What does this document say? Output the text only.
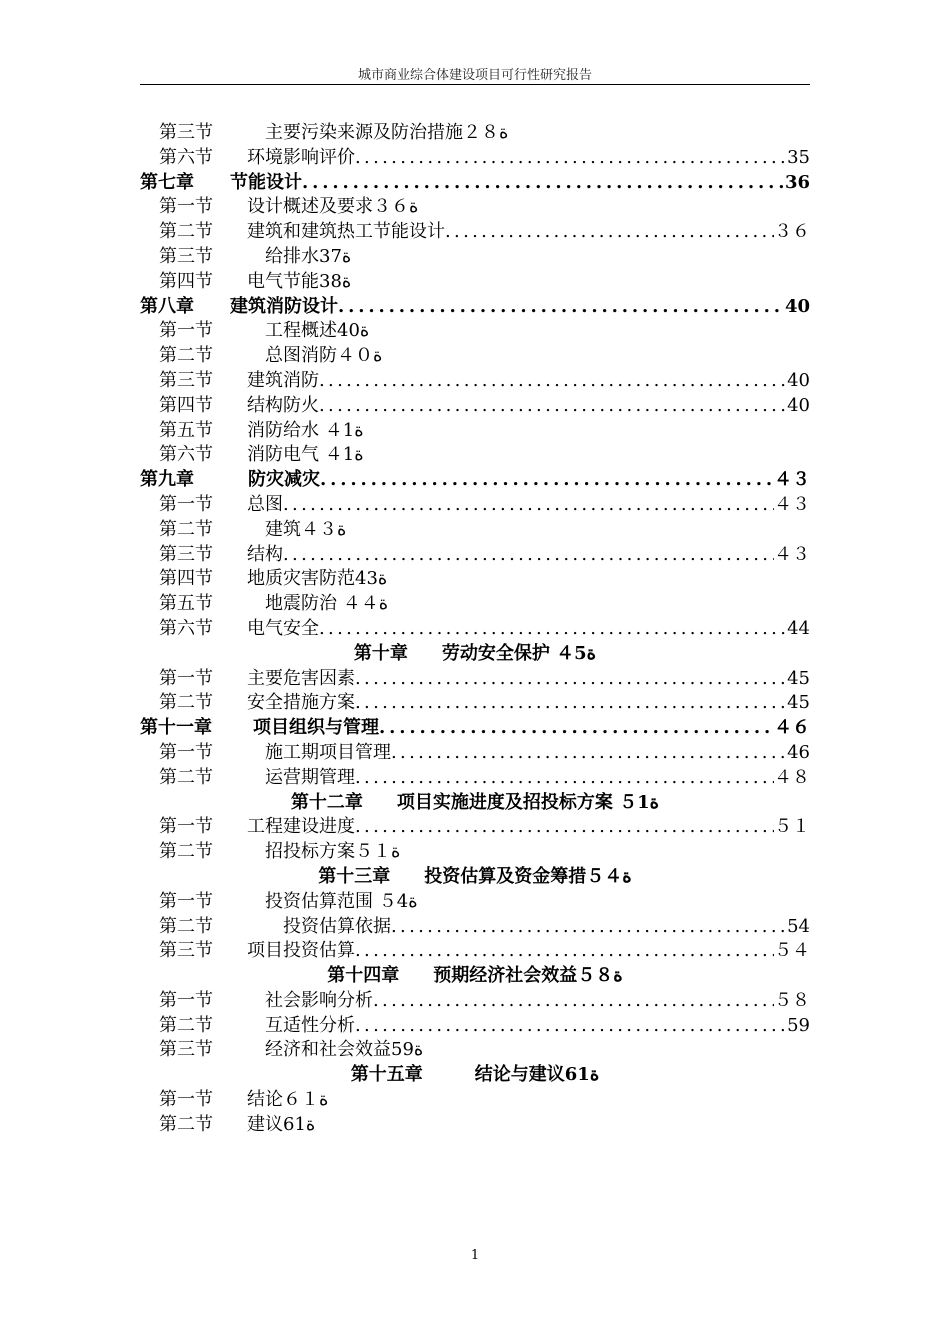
城市商业综合体建设项目可行性研究报告
第三节	　主要污染来源及防治措施２８ة
第六节	环境影响评价 . . .	35
第七章	节能设计 . . .	36
第一节	设计概述及要求３６ة
第二节	建筑和建筑热工节能设计 . . .	３６
第三节	　给排水37ة
第四节	电气节能38ة
第八章	建筑消防设计 . . .	40
第一节	　工程概述40ة
第二节	　总图消防４０ة
第三节	建筑消防 . . .	40
第四节	结构防火 . . .	40
第五节	消防给水 ４1ة
第六节	消防电气 ４1ة
第九章	　防灾减灾 . . .	４３
第一节	总图 . . .	４３
第二节	　建筑４３ة
第三节	结构 . . .	４３
第四节	地质灾害防范43ة
第五节	　地震防治 ４４ة
第六节	电气安全 . . .	44
第十章 劳动安全保护 ４5ة
第一节	主要危害因素 . . .	45
第二节	安全措施方案 . . .	45
第十一章	项目组织与管理 . . .	４６
第一节	　施工期项目管理 . . .	46
第二节	　运营期管理 . . .	４８
第十二章 项目实施进度及招投标方案 ５1ة
第一节	工程建设进度 . . .	５１
第二节	　招投标方案５１ة
第十三章 投资估算及资金筹措５４ة
第一节	　投资估算范围 ５4ة
第二节	　　投资估算依据 . . .	54
第三节	项目投资估算 . . .	５４
第十四章 预期经济社会效益５８ة
第一节	　社会影响分析 . . .	５８
第二节	　互适性分析 . . .	59
第三节	　经济和社会效益59ة
第十五章 　结论与建议61ة
第一节	结论６１ة
第二节	建议61ة
1
